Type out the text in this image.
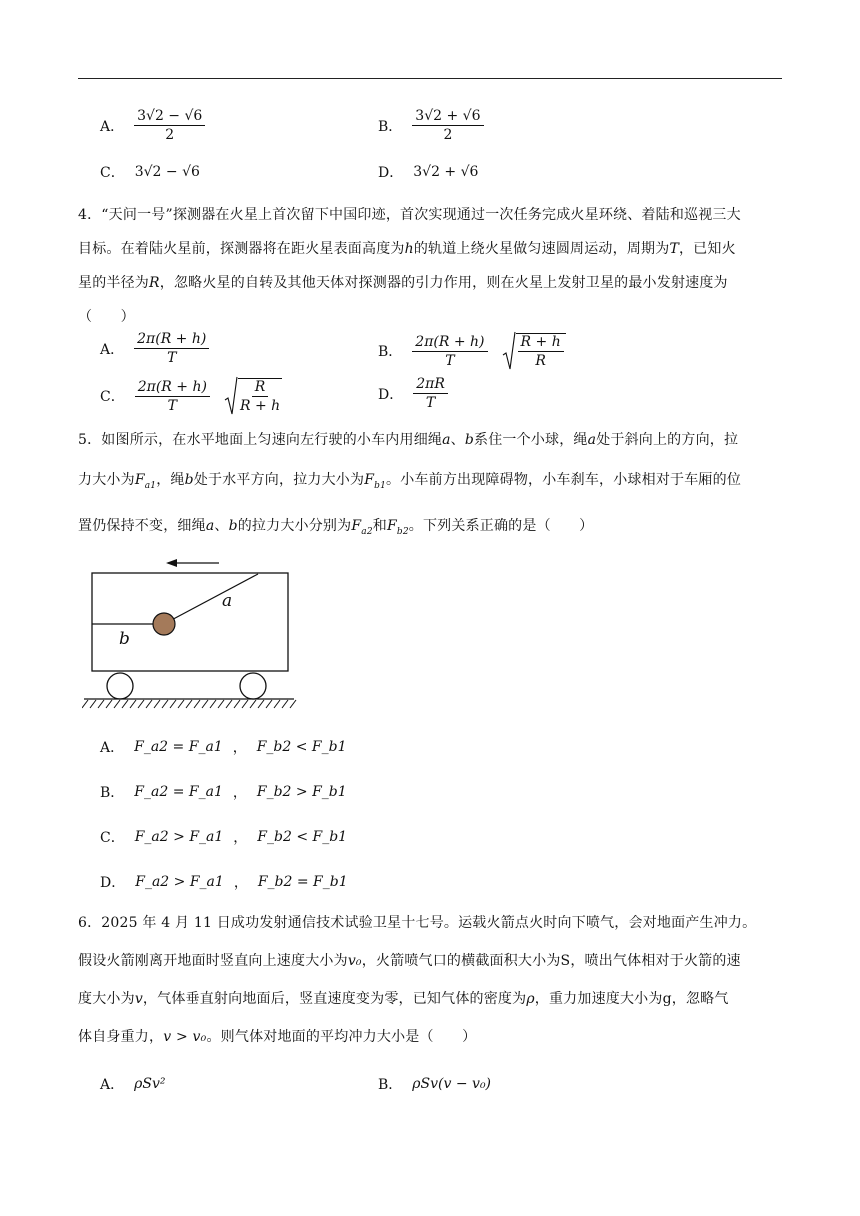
A． $\frac{3√2 - √6}{2}$	B． $\frac{3√2 + √6}{2}$
C． 3√2 − √6	D． 3√2 + √6
4．“天问一号”探测器在火星上首次留下中国印迹，首次实现通过一次任务完成火星环绕、着陆和巡视三大
目标。在着陆火星前，探测器将在距火星表面高度为h的轨道上绕火星做匀速圆周运动，周期为T，已知火
星的半径为R，忽略火星的自转及其他天体对探测器的引力作用，则在火星上发射卫星的最小发射速度为
（　　）
A． $\frac{2\pi(R + h)}{T}$	B． $\frac{2\pi(R + h)}{T} \frac{R + h}{R}$
C． $\frac{2\pi(R + h)}{T} \frac{R}{R + h}$	D． $\frac{2\pi R}{T}$
5．如图所示，在水平地面上匀速向左行驶的小车内用细绳a、b系住一个小球，绳a处于斜向上的方向，拉
力大小为$F_{a1}$，绳b处于水平方向，拉力大小为$F_{b1}$。小车前方出现障碍物，小车刹车，小球相对于车厢的位
置仍保持不变，细绳a、b的拉力大小分别为$F_{a2}$和$F_{b2}$。下列关系正确的是（　　）
a
b
A． F_a2 = F_a1 ， F_b2 < F_b1
B． F_a2 = F_a1 ， F_b2 > F_b1
C． F_a2 > F_a1 ， F_b2 < F_b1
D． F_a2 > F_a1 ， F_b2 = F_b1
6．2025 年 4 月 11 日成功发射通信技术试验卫星十七号。运载火箭点火时向下喷气，会对地面产生冲力。
假设火箭刚离开地面时竖直向上速度大小为v₀，火箭喷气口的横截面积大小为S，喷出气体相对于火箭的速
度大小为v，气体垂直射向地面后，竖直速度变为零，已知气体的密度为ρ，重力加速度大小为g，忽略气
体自身重力，v > v₀。则气体对地面的平均冲力大小是（　　）
A． ρSv²	B． ρSv(v − v₀)
